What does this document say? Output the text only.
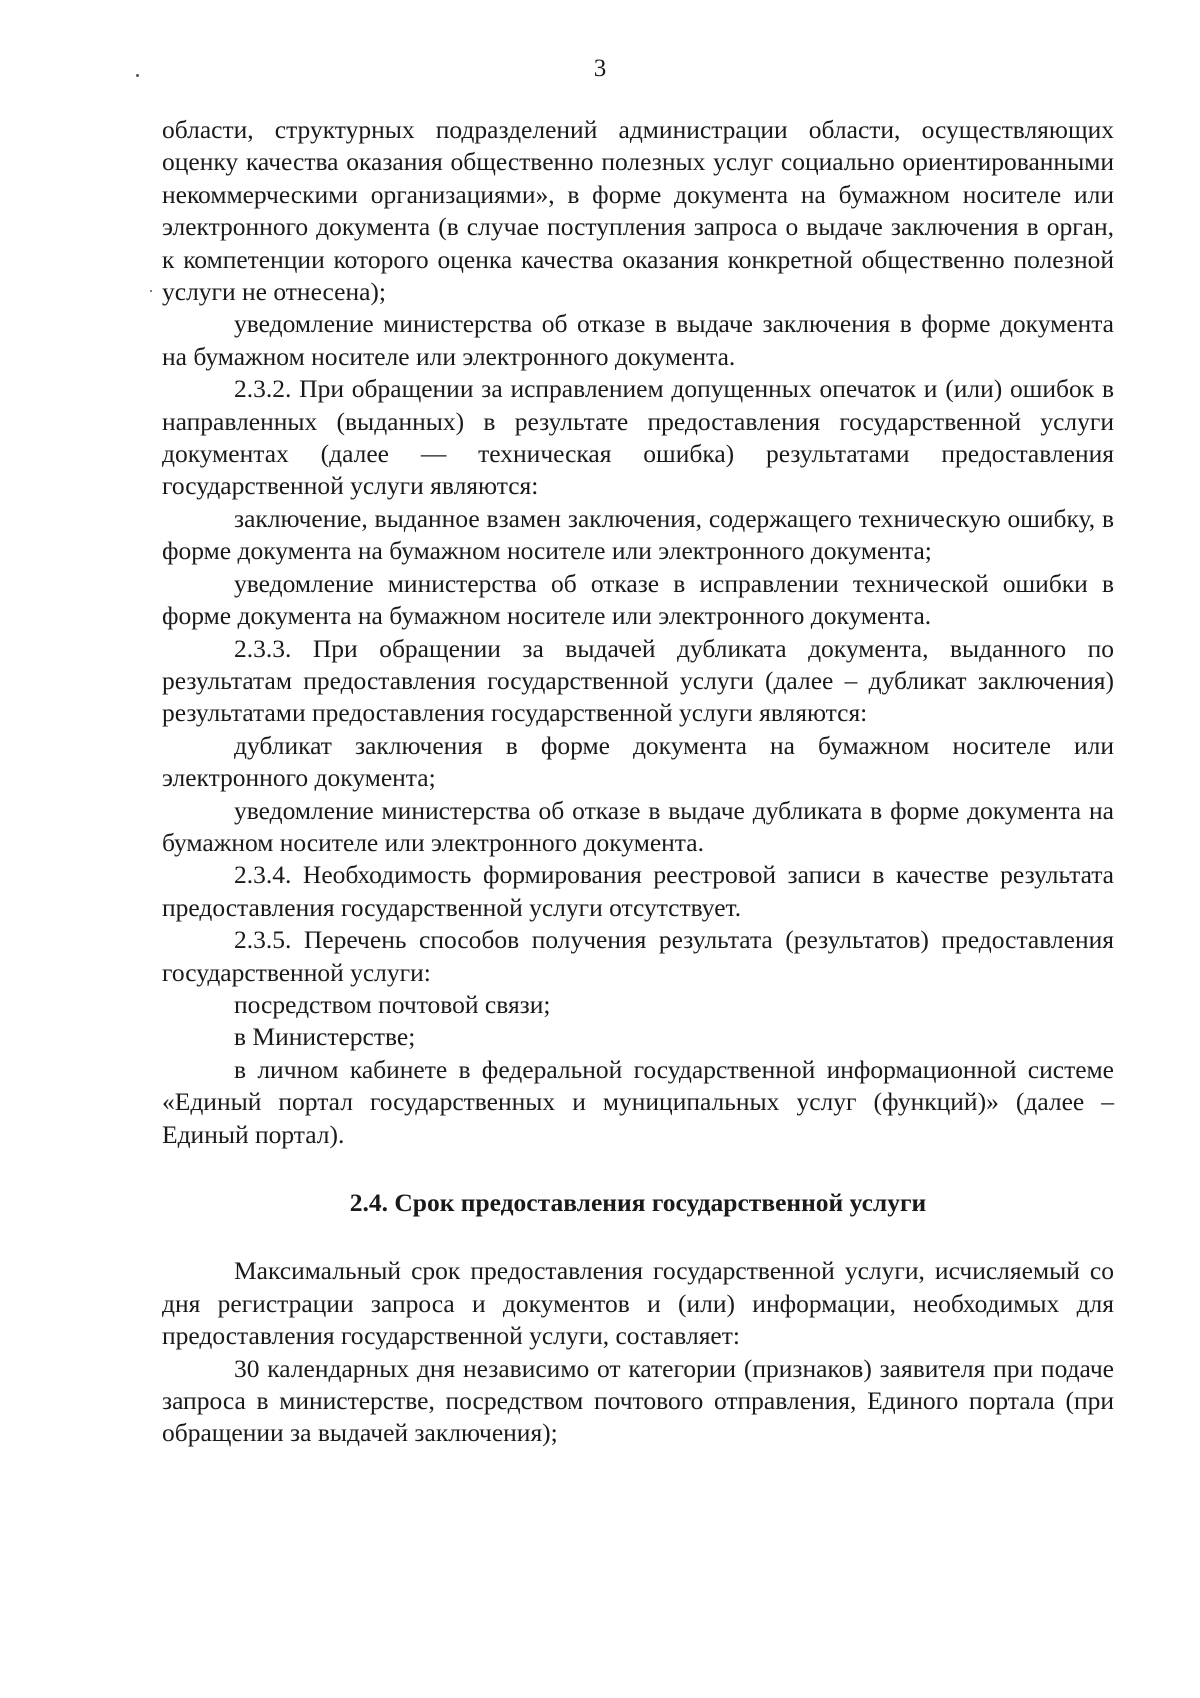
3

области, структурных подразделений администрации области, осуществляющих оценку качества оказания общественно полезных услуг социально ориентированными некоммерческими организациями», в форме документа на бумажном носителе или электронного документа (в случае поступления запроса о выдаче заключения в орган, к компетенции которого оценка качества оказания конкретной общественно полезной услуги не отнесена);

уведомление министерства об отказе в выдаче заключения в форме документа на бумажном носителе или электронного документа.

2.3.2. При обращении за исправлением допущенных опечаток и (или) ошибок в направленных (выданных) в результате предоставления государственной услуги документах (далее — техническая ошибка) результатами предоставления государственной услуги являются:

заключение, выданное взамен заключения, содержащего техническую ошибку, в форме документа на бумажном носителе или электронного документа;

уведомление министерства об отказе в исправлении технической ошибки в форме документа на бумажном носителе или электронного документа.

2.3.3. При обращении за выдачей дубликата документа, выданного по результатам предоставления государственной услуги (далее – дубликат заключения) результатами предоставления государственной услуги являются:

дубликат заключения в форме документа на бумажном носителе или электронного документа;

уведомление министерства об отказе в выдаче дубликата в форме документа на бумажном носителе или электронного документа.

2.3.4. Необходимость формирования реестровой записи в качестве результата предоставления государственной услуги отсутствует.

2.3.5. Перечень способов получения результата (результатов) предоставления государственной услуги:

посредством почтовой связи;

в Министерстве;

в личном кабинете в федеральной государственной информационной системе «Единый портал государственных и муниципальных услуг (функций)» (далее – Единый портал).

2.4. Срок предоставления государственной услуги

Максимальный срок предоставления государственной услуги, исчисляемый со дня регистрации запроса и документов и (или) информации, необходимых для предоставления государственной услуги, составляет:

30 календарных дня независимо от категории (признаков) заявителя при подаче запроса в министерстве, посредством почтового отправления, Единого портала (при обращении за выдачей заключения);
